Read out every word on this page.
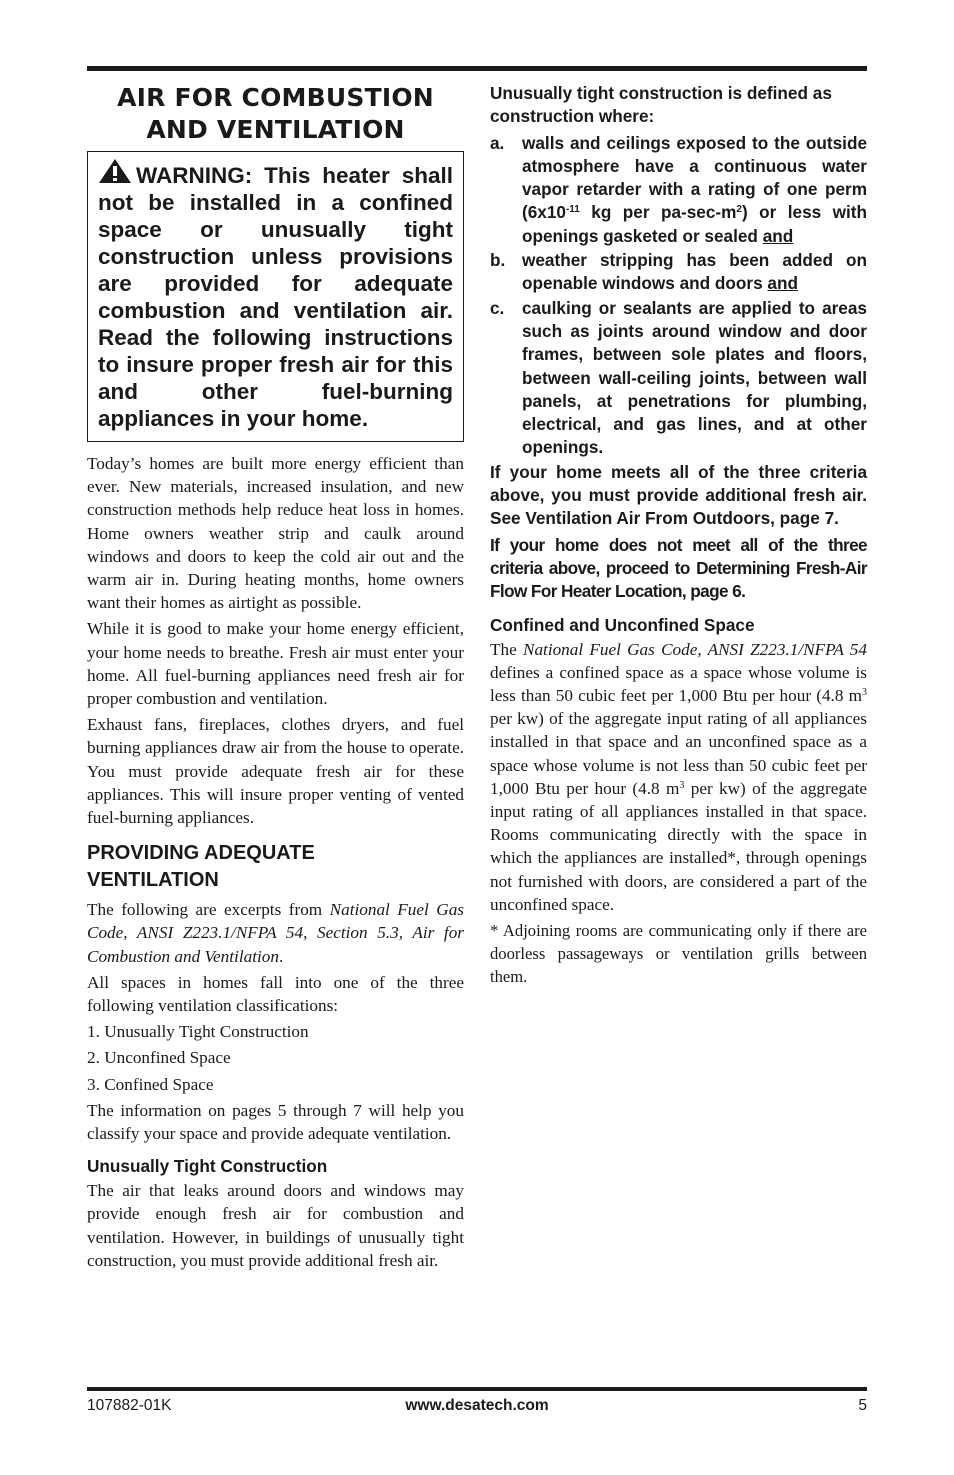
AIR FOR COMBUSTION
AND VENTILATION

WARNING: This heater shall not be installed in a confined space or unusually tight construction unless provisions are provided for adequate combustion and ventilation air. Read the following instructions to insure proper fresh air for this and other fuel-burning appliances in your home.

Today’s homes are built more energy efficient than ever. New materials, increased insulation, and new construction methods help reduce heat loss in homes. Home owners weather strip and caulk around windows and doors to keep the cold air out and the warm air in. During heating months, home owners want their homes as airtight as possible.

While it is good to make your home energy efficient, your home needs to breathe. Fresh air must enter your home. All fuel-burning appliances need fresh air for proper combustion and ventilation.

Exhaust fans, fireplaces, clothes dryers, and fuel burning appliances draw air from the house to operate. You must provide adequate fresh air for these appliances. This will insure proper venting of vented fuel-burning appliances.

PROVIDING ADEQUATE
VENTILATION

The following are excerpts from National Fuel Gas Code, ANSI Z223.1/NFPA 54, Section 5.3, Air for Combustion and Ventilation.

All spaces in homes fall into one of the three following ventilation classifications:

1. Unusually Tight Construction

2. Unconfined Space

3. Confined Space

The information on pages 5 through 7 will help you classify your space and provide adequate ventilation.

Unusually Tight Construction

The air that leaks around doors and windows may provide enough fresh air for combustion and ventilation. However, in buildings of unusually tight construction, you must provide additional fresh air.

Unusually tight construction is defined as construction where:

a.	walls and ceilings exposed to the outside atmosphere have a continuous water vapor retarder with a rating of one perm ($6x10^{-11}$ kg per $pa-\sec-m^2$) or less with openings gasketed or sealed and
b. weather stripping has been added on openable windows and doors and
c.	caulking or sealants are applied to areas such as joints around window and door frames, between sole plates and floors, between wall-ceiling joints, between wall panels, at penetrations for plumbing, electrical, and gas lines, and at other openings.

If your home meets all of the three criteria above, you must provide additional fresh air. See Ventilation Air From Outdoors, page 7.

If your home does not meet all of the three criteria above, proceed to Determining Fresh-Air Flow For Heater Location, page 6.

Confined and Unconfined Space

The National Fuel Gas Code, ANSI Z223.1/NFPA 54 defines a confined space as a space whose volume is less than 50 cubic feet per 1,000 Btu per hour (4.8 $m^3$ per kw) of the aggregate input rating of all appliances installed in that space and an unconfined space as a space whose volume is not less than 50 cubic feet per 1,000 Btu per hour (4.8 $m^3$ per kw) of the aggregate input rating of all appliances installed in that space. Rooms communicating directly with the space in which the appliances are installed*, through openings not furnished with doors, are considered a part of the unconfined space.

* Adjoining rooms are communicating only if there are doorless passageways or ventilation grills between them.

www.desatech.com
107882-01K	5
